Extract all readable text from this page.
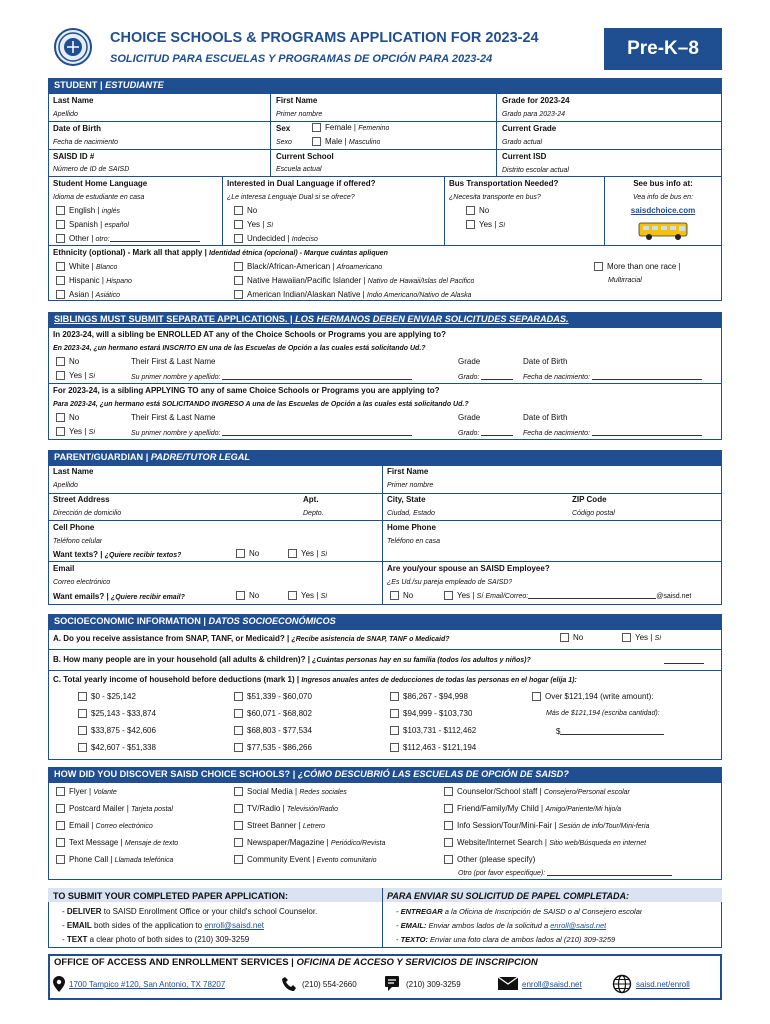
CHOICE SCHOOLS & PROGRAMS APPLICATION FOR 2023-24
SOLICITUD PARA ESCUELAS Y PROGRAMAS DE OPCIÓN PARA 2023-24	Pre-K–8
STUDENT | ESTUDIANTE
Last Name
Apellido
First Name
Primer nombre
Grade for 2023-24
Grado para 2023-24
Date of Birth
Fecha de nacimiento
Sex
Sexo
Female | Femenino
Male | Masculino
Current Grade
Grado actual
SAISD ID #
Número de ID de SAISD
Current School
Escuela actual
Current ISD
Distrito escolar actual
Student Home Language
Idioma de estudiante en casa
English | inglés
Spanish | español
Other | otro:
Interested in Dual Language if offered?
¿Le interesa Lenguaje Dual si se ofrece?
No
Yes | Sí
Undecided | Indeciso
Bus Transportation Needed?
¿Necesita transporte en bus?
No
Yes | Sí
See bus info at:
Vea info de bus en:
saisdchoice.com
Ethnicity (optional) - Mark all that apply | Identidad étnica (opcional) - Marque cuántas apliquen
White | Blanco
Hispanic | Hispano
Asian | Asiático
Black/African-American | Afroamericano
Native Hawaiian/Pacific Islander | Nativo de Hawaii/Islas del Pacifico
American Indian/Alaskan Native | Indio Americano/Nativo de Alaska
More than one race |
Multirracial
SIBLINGS MUST SUBMIT SEPARATE APPLICATIONS. | LOS HERMANOS DEBEN ENVIAR SOLICITUDES SEPARADAS.
In 2023-24, will a sibling be ENROLLED AT any of the Choice Schools or Programs you are applying to?
En 2023-24, ¿un hermano estará INSCRITO EN una de las Escuelas de Opción a las cuales está solicitando Ud.?
No
Yes | Sí
Their First & Last Name
Su primer nombre y apellido:
Grade
Grado:
Date of Birth
Fecha de nacimiento:
For 2023-24, is a sibling APPLYING TO any of same Choice Schools or Programs you are applying to?
Para 2023-24, ¿un hermano está SOLICITANDO INGRESO A una de las Escuelas de Opción a las cuales está solicitando Ud.?
No
Yes | Sí
Their First & Last Name
Su primer nombre y apellido:
Grade
Grado:
Date of Birth
Fecha de nacimiento:
PARENT/GUARDIAN | PADRE/TUTOR LEGAL
Last Name
Apellido
First Name
Primer nombre
Street Address
Dirección de domicilio
Apt.
Depto.
City, State
Ciudad, Estado
ZIP Code
Código postal
Cell Phone
Teléfono celular
Want texts? | ¿Quiere recibir textos?	No	Yes | Sí
Home Phone
Teléfono en casa
Email
Correo electrónico
Want emails? | ¿Quiere recibir email?	No	Yes | Sí
Are you/your spouse an SAISD Employee?
¿Es Ud./su pareja empleado de SAISD?
No	Yes | Sí Email/Correo:	@saisd.net
SOCIOECONOMIC INFORMATION | DATOS SOCIOECONÓMICOS
A. Do you receive assistance from SNAP, TANF, or Medicaid? | ¿Recibe asistencia de SNAP, TANF o Medicaid?	No	Yes | Sí
B. How many people are in your household (all adults & children)? | ¿Cuántas personas hay en su familia (todos los adultos y niños)?
C. Total yearly income of household before deductions (mark 1) | Ingresos anuales antes de deducciones de todas las personas en el hogar (elija 1):
$0 - $25,142
$25,143 - $33,874
$33,875 - $42,606
$42,607 - $51,338
$51,339 - $60,070
$60,071 - $68,802
$68,803 - $77,534
$77,535 - $86,266
$86,267 - $94,998
$94,999 - $103,730
$103,731 - $112,462
$112,463 - $121,194
Over $121,194 (write amount):
Más de $121,194 (escriba cantidad):
$
HOW DID YOU DISCOVER SAISD CHOICE SCHOOLS? | ¿CÓMO DESCUBRIÓ LAS ESCUELAS DE OPCIÓN DE SAISD?
Flyer | Volante
Postcard Mailer | Tarjeta postal
Email | Correo electrónico
Text Message | Mensaje de texto
Phone Call | Llamada telefónica
Social Media | Redes sociales
TV/Radio | Televisión/Radio
Street Banner | Letrero
Newspaper/Magazine | Periódico/Revista
Community Event | Evento comunitario
Counselor/School staff | Consejero/Personal escolar
Friend/Family/My Child | Amigo/Pariente/Mi hijo/a
Info Session/Tour/Mini-Fair | Sesión de info/Tour/Mini-feria
Website/Internet Search | Sitio web/Búsqueda en internet
Other (please specify)
Otro (por favor especifique):
TO SUBMIT YOUR COMPLETED PAPER APPLICATION:	PARA ENVIAR SU SOLICITUD DE PAPEL COMPLETADA:
- DELIVER to SAISD Enrollment Office or your child's school Counselor.
- EMAIL both sides of the application to enroll@saisd.net
- TEXT a clear photo of both sides to (210) 309-3259
- ENTREGAR a la Oficina de Inscripción de SAISD o al Consejero escolar
- EMAIL: Enviar ambos lados de la solicitud a enroll@saisd.net
- TEXTO: Enviar una foto clara de ambos lados al (210) 309-3259
OFFICE OF ACCESS AND ENROLLMENT SERVICES | OFICINA DE ACCESO Y SERVICIOS DE INSCRIPCIÓN
1700 Tampico #120, San Antonio, TX 78207	(210) 554-2660	(210) 309-3259	enroll@saisd.net	saisd.net/enroll
